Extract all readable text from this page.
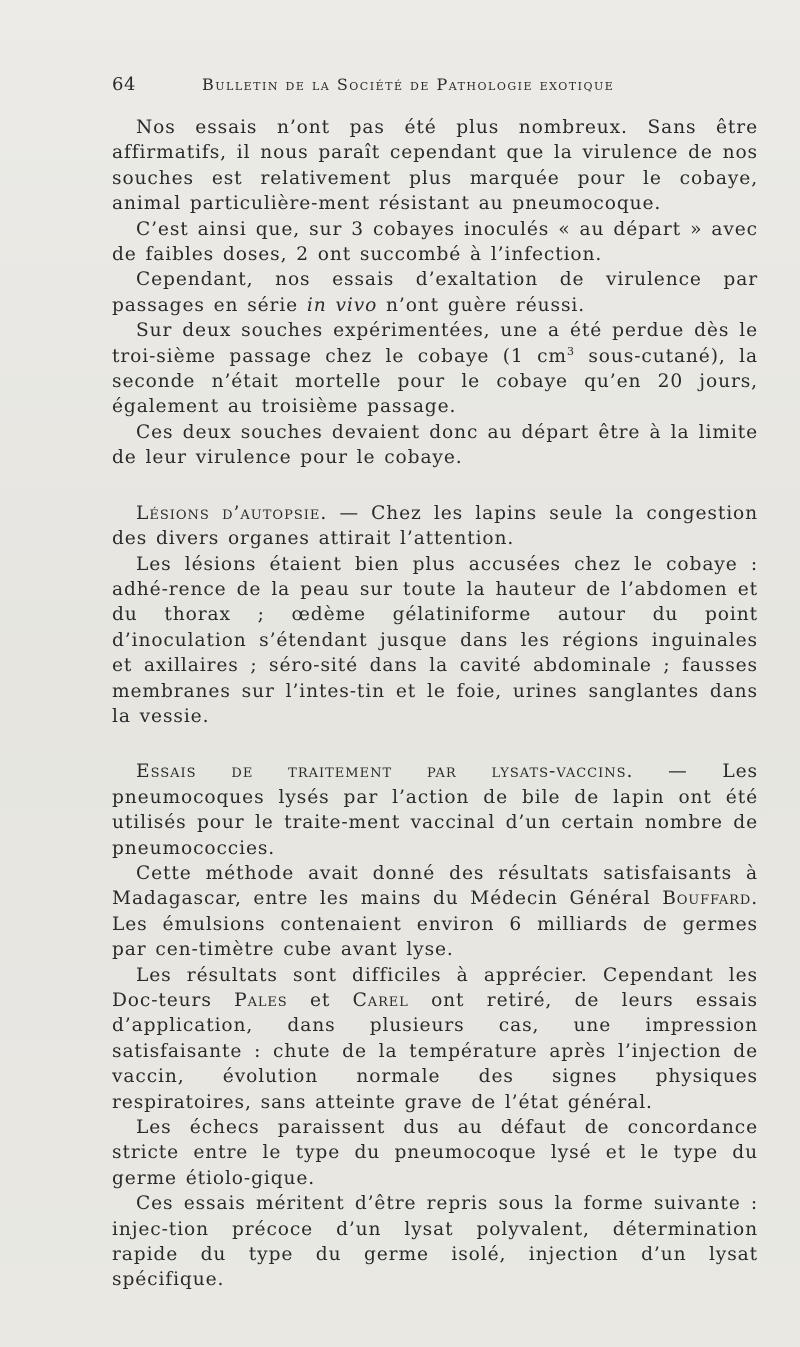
64	Bulletin de la Société de Pathologie exotique

Nos essais n’ont pas été plus nombreux. Sans être affirmatifs, il nous paraît cependant que la virulence de nos souches est relativement plus marquée pour le cobaye, animal particulière-ment résistant au pneumocoque.

C’est ainsi que, sur 3 cobayes inoculés « au départ » avec de faibles doses, 2 ont succombé à l’infection.

Cependant, nos essais d’exaltation de virulence par passages en série in vivo n’ont guère réussi.

Sur deux souches expérimentées, une a été perdue dès le troi-sième passage chez le cobaye (1 $cm^3$ sous-cutané), la seconde n’était mortelle pour le cobaye qu’en 20 jours, également au troisième passage.

Ces deux souches devaient donc au départ être à la limite de leur virulence pour le cobaye.

Lésions d’autopsie. — Chez les lapins seule la congestion des divers organes attirait l’attention.

Les lésions étaient bien plus accusées chez le cobaye : adhé-rence de la peau sur toute la hauteur de l’abdomen et du thorax ; œdème gélatiniforme autour du point d’inoculation s’étendant jusque dans les régions inguinales et axillaires ; séro-sité dans la cavité abdominale ; fausses membranes sur l’intes-tin et le foie, urines sanglantes dans la vessie.

Essais de traitement par lysats-vaccins. — Les pneumocoques lysés par l’action de bile de lapin ont été utilisés pour le traite-ment vaccinal d’un certain nombre de pneumococcies.

Cette méthode avait donné des résultats satisfaisants à Madagascar, entre les mains du Médecin Général Bouffard. Les émulsions contenaient environ 6 milliards de germes par cen-timètre cube avant lyse.

Les résultats sont difficiles à apprécier. Cependant les Doc-teurs Pales et Carel ont retiré, de leurs essais d’application, dans plusieurs cas, une impression satisfaisante : chute de la température après l’injection de vaccin, évolution normale des signes physiques respiratoires, sans atteinte grave de l’état général.

Les échecs paraissent dus au défaut de concordance stricte entre le type du pneumocoque lysé et le type du germe étiolo-gique.

Ces essais méritent d’être repris sous la forme suivante : injec-tion précoce d’un lysat polyvalent, détermination rapide du type du germe isolé, injection d’un lysat spécifique.
